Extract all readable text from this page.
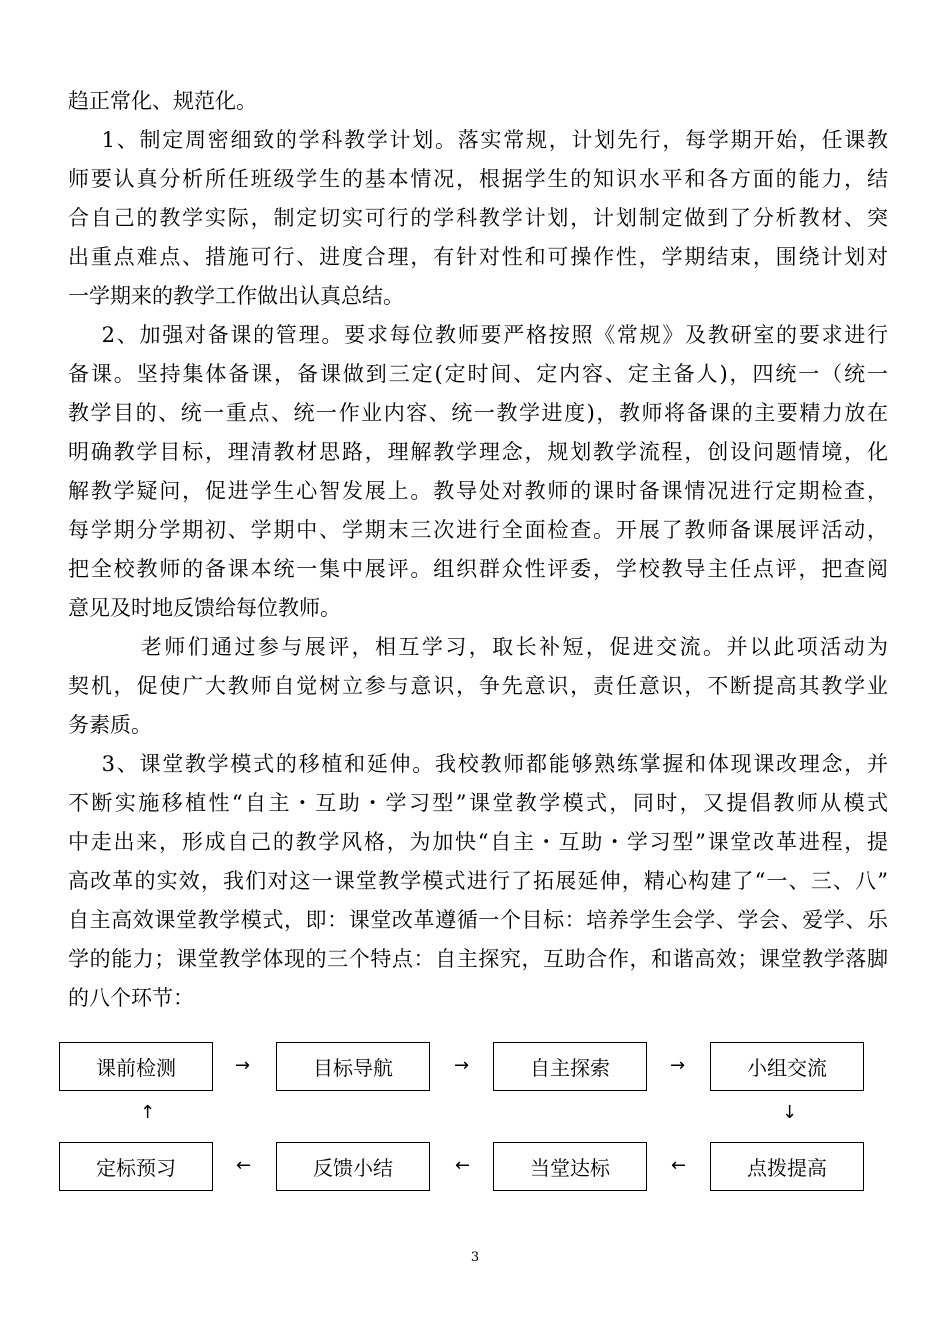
趋正常化、规范化。
1、制定周密细致的学科教学计划。落实常规，计划先行，每学期开始，任课教
师要认真分析所任班级学生的基本情况，根据学生的知识水平和各方面的能力，结
合自己的教学实际，制定切实可行的学科教学计划，计划制定做到了分析教材、突
出重点难点、措施可行、进度合理，有针对性和可操作性，学期结束，围绕计划对
一学期来的教学工作做出认真总结。
2、加强对备课的管理。要求每位教师要严格按照《常规》及教研室的要求进行
备课。坚持集体备课，备课做到三定(定时间、定内容、定主备人)，四统一（统一
教学目的、统一重点、统一作业内容、统一教学进度)，教师将备课的主要精力放在
明确教学目标，理清教材思路，理解教学理念，规划教学流程，创设问题情境，化
解教学疑问，促进学生心智发展上。教导处对教师的课时备课情况进行定期检查，
每学期分学期初、学期中、学期末三次进行全面检查。开展了教师备课展评活动，
把全校教师的备课本统一集中展评。组织群众性评委，学校教导主任点评，把查阅
意见及时地反馈给每位教师。
老师们通过参与展评，相互学习，取长补短，促进交流。并以此项活动为
契机，促使广大教师自觉树立参与意识，争先意识，责任意识，不断提高其教学业
务素质。
3、课堂教学模式的移植和延伸。我校教师都能够熟练掌握和体现课改理念，并
不断实施移植性“自主・互助・学习型”课堂教学模式，同时，又提倡教师从模式
中走出来，形成自己的教学风格，为加快“自主・互助・学习型”课堂改革进程，提
高改革的实效，我们对这一课堂教学模式进行了拓展延伸，精心构建了“一、三、八”
自主高效课堂教学模式，即：课堂改革遵循一个目标：培养学生会学、学会、爱学、乐
学的能力；课堂教学体现的三个特点：自主探究，互助合作，和谐高效；课堂教学落脚
的八个环节：
课前检测	目标导航	自主探索	小组交流
→	→	→
↑	↓
定标预习	反馈小结	当堂达标	点拨提高
←	←	←
3
